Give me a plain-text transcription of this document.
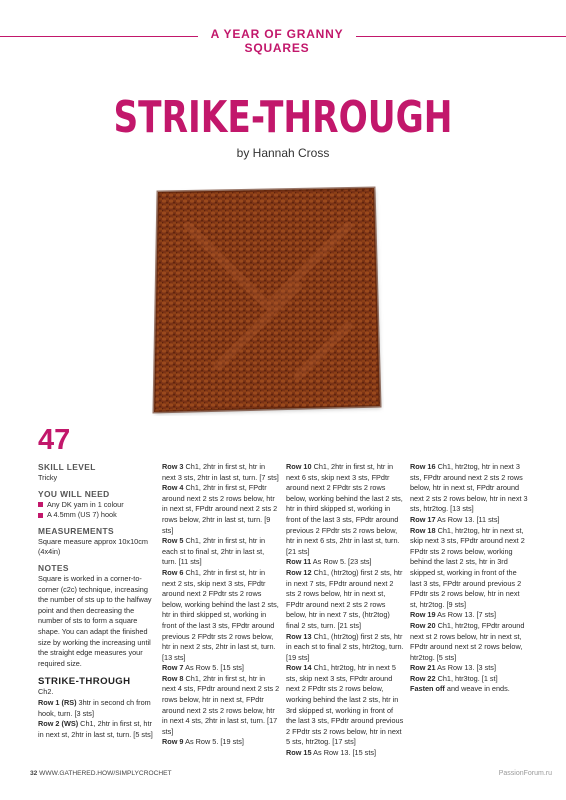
A YEAR OF GRANNY SQUARES
STRIKE-THROUGH
by Hannah Cross
47
SKILL LEVEL
Tricky
YOU WILL NEED
Any DK yarn in 1 colour
A 4.5mm (US 7) hook
MEASUREMENTS
Square measure approx 10x10cm (4x4in)
NOTES
Square is worked in a corner-to-corner (c2c) technique, increasing the number of sts up to the halfway point and then decreasing the number of sts to form a square shape. You can adapt the finished size by working the increasing until the straight edge measures your required size.
STRIKE-THROUGH
Ch2.

Row 1 (RS) 3htr in second ch from hook, turn. [3 sts]

Row 2 (WS) Ch1, 2htr in first st, htr in next st, 2htr in last st, turn. [5 sts]

Row 3 Ch1, 2htr in first st, htr in next 3 sts, 2htr in last st, turn. [7 sts]

Row 4 Ch1, 2htr in first st, FPdtr around next 2 sts 2 rows below, htr in next st, FPdtr around next 2 sts 2 rows below, 2htr in last st, turn. [9 sts]

Row 5 Ch1, 2htr in first st, htr in each st to final st, 2htr in last st, turn. [11 sts]

Row 6 Ch1, 2htr in first st, htr in next 2 sts, skip next 3 sts, FPdtr around next 2 FPdtr sts 2 rows below, working behind the last 2 sts, htr in third skipped st, working in front of the last 3 sts, FPdtr around previous 2 FPdtr sts 2 rows below, htr in next 2 sts, 2htr in last st, turn. [13 sts]

Row 7 As Row 5. [15 sts]

Row 8 Ch1, 2htr in first st, htr in next 4 sts, FPdtr around next 2 sts 2 rows below, htr in next st, FPdtr around next 2 sts 2 rows below, htr in next 4 sts, 2htr in last st, turn. [17 sts]

Row 9 As Row 5. [19 sts]

Row 10 Ch1, 2htr in first st, htr in next 6 sts, skip next 3 sts, FPdtr around next 2 FPdtr sts 2 rows below, working behind the last 2 sts, htr in third skipped st, working in front of the last 3 sts, FPdtr around previous 2 FPdtr sts 2 rows below, htr in next 6 sts, 2htr in last st, turn. [21 sts]

Row 11 As Row 5. [23 sts]

Row 12 Ch1, (htr2tog) first 2 sts, htr in next 7 sts, FPdtr around next 2 sts 2 rows below, htr in next st, FPdtr around next 2 sts 2 rows below, htr in next 7 sts, (htr2tog) final 2 sts, turn. [21 sts]

Row 13 Ch1, (htr2tog) first 2 sts, htr in each st to final 2 sts, htr2tog, turn. [19 sts]

Row 14 Ch1, htr2tog, htr in next 5 sts, skip next 3 sts, FPdtr around next 2 FPdtr sts 2 rows below, working behind the last 2 sts, htr in 3rd skipped st, working in front of the last 3 sts, FPdtr around previous 2 FPdtr sts 2 rows below, htr in next 5 sts, htr2tog. [17 sts]

Row 15 As Row 13. [15 sts]

Row 16 Ch1, htr2tog, htr in next 3 sts, FPdtr around next 2 sts 2 rows below, htr in next st, FPdtr around next 2 sts 2 rows below, htr in next 3 sts, htr2tog. [13 sts]

Row 17 As Row 13. [11 sts]

Row 18 Ch1, htr2tog, htr in next st, skip next 3 sts, FPdtr around next 2 FPdtr sts 2 rows below, working behind the last 2 sts, htr in 3rd skipped st, working in front of the last 3 sts, FPdtr around previous 2 FPdtr sts 2 rows below, htr in next st, htr2tog. [9 sts]

Row 19 As Row 13. [7 sts]

Row 20 Ch1, htr2tog, FPdtr around next st 2 rows below, htr in next st, FPdtr around next st 2 rows below, htr2tog. [5 sts]

Row 21 As Row 13. [3 sts]

Row 22 Ch1, htr3tog. [1 st]

Fasten off and weave in ends.

32 WWW.GATHERED.HOW/SIMPLYCROCHET	PassionForum.ru
